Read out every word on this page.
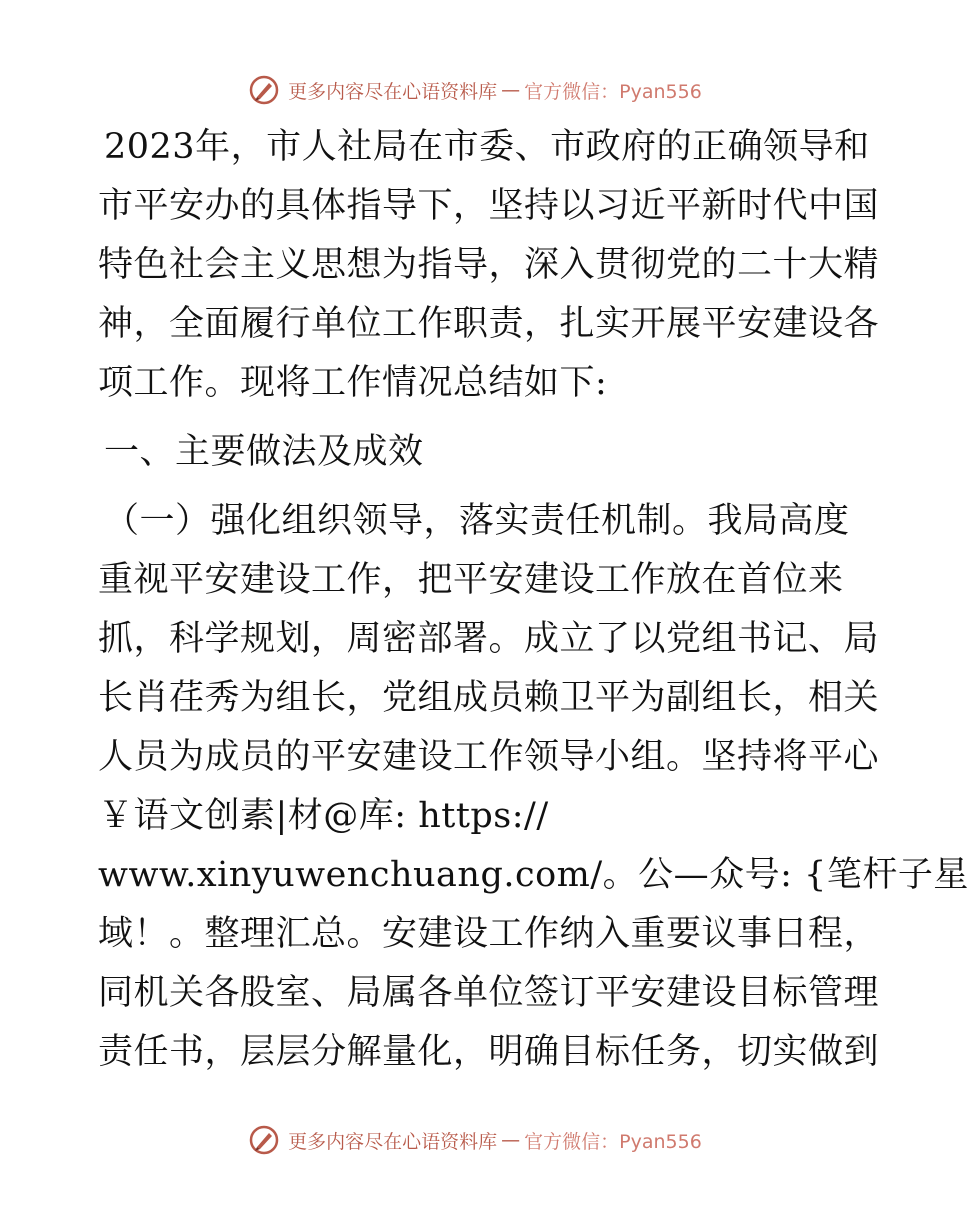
更多内容尽在心语资料库 — 官方微信：Pyan556
2023年，市人社局在市委、市政府的正确领导和
市平安办的具体指导下，坚持以习近平新时代中国
特色社会主义思想为指导，深入贯彻党的二十大精
神，全面履行单位工作职责，扎实开展平安建设各
项工作。现将工作情况总结如下:
一、主要做法及成效
（一）强化组织领导，落实责任机制。我局高度
重视平安建设工作，把平安建设工作放在首位来
抓，科学规划，周密部署。成立了以党组书记、局
长肖荏秀为组长，党组成员赖卫平为副组长，相关
人员为成员的平安建设工作领导小组。坚持将平心
￥语文创素|材@库: https://
www.xinyuwenchuang.com/。公—众号: {笔杆子星
域！。整理汇总。安建设工作纳入重要议事日程，
同机关各股室、局属各单位签订平安建设目标管理
责任书，层层分解量化，明确目标任务，切实做到
更多内容尽在心语资料库 — 官方微信：Pyan556
